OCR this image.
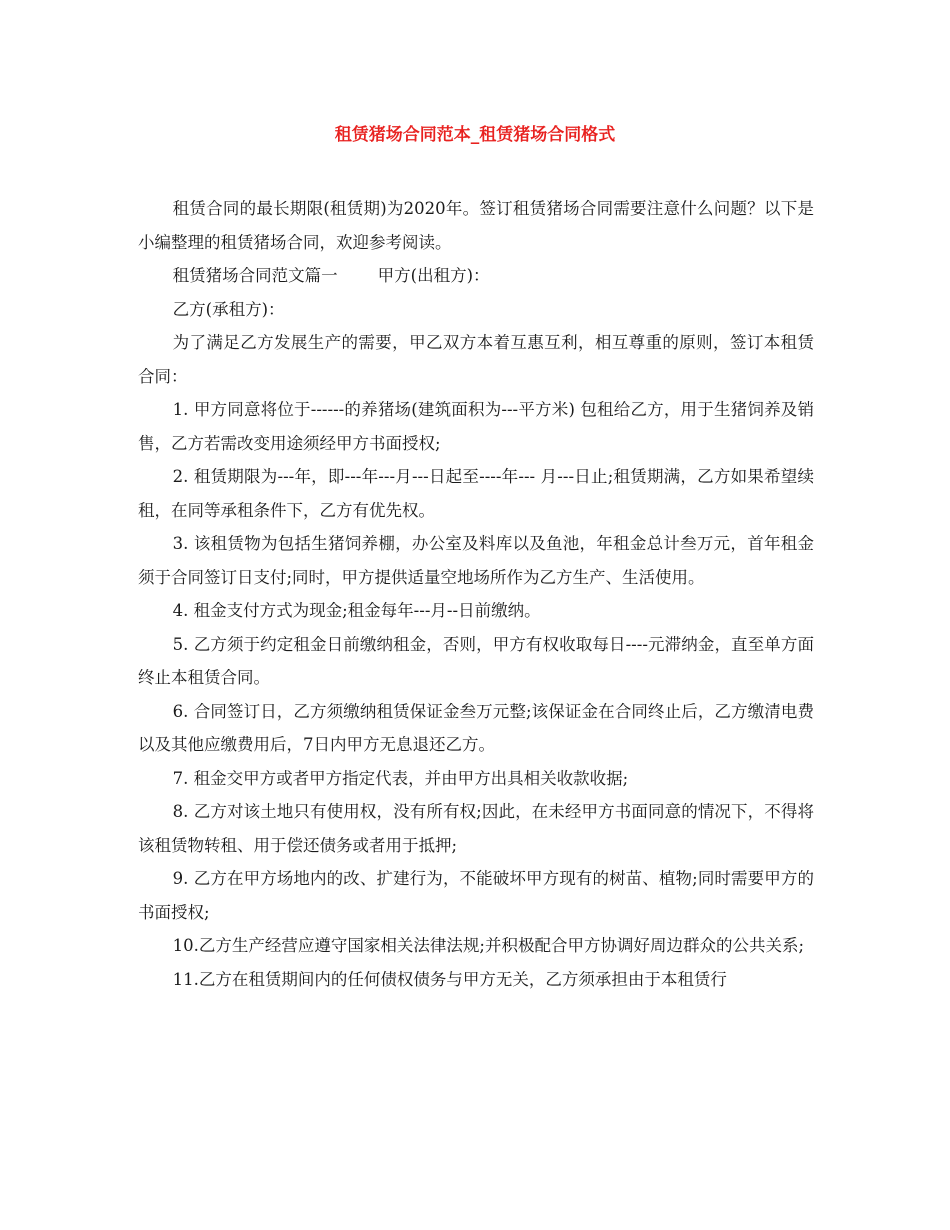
租赁猪场合同范本_租赁猪场合同格式

租赁合同的最长期限(租赁期)为2020年。签订租赁猪场合同需要注意什么问题？以下是小编整理的租赁猪场合同，欢迎参考阅读。

租赁猪场合同范文篇一 甲方(出租方)：

乙方(承租方)：

为了满足乙方发展生产的需要，甲乙双方本着互惠互利，相互尊重的原则，签订本租赁合同：

1. 甲方同意将位于------的养猪场(建筑面积为---平方米) 包租给乙方，用于生猪饲养及销售，乙方若需改变用途须经甲方书面授权;

2. 租赁期限为---年，即---年---月---日起至----年--- 月---日止;租赁期满，乙方如果希望续租，在同等承租条件下，乙方有优先权。

3. 该租赁物为包括生猪饲养棚，办公室及料库以及鱼池，年租金总计叁万元，首年租金须于合同签订日支付;同时，甲方提供适量空地场所作为乙方生产、生活使用。

4. 租金支付方式为现金;租金每年---月--日前缴纳。

5. 乙方须于约定租金日前缴纳租金，否则，甲方有权收取每日----元滞纳金，直至单方面终止本租赁合同。

6. 合同签订日，乙方须缴纳租赁保证金叁万元整;该保证金在合同终止后，乙方缴清电费以及其他应缴费用后，7日内甲方无息退还乙方。

7. 租金交甲方或者甲方指定代表，并由甲方出具相关收款收据;

8. 乙方对该土地只有使用权，没有所有权;因此，在未经甲方书面同意的情况下，不得将该租赁物转租、用于偿还债务或者用于抵押;

9. 乙方在甲方场地内的改、扩建行为，不能破坏甲方现有的树苗、植物;同时需要甲方的书面授权;

10.乙方生产经营应遵守国家相关法律法规;并积极配合甲方协调好周边群众的公共关系;

11.乙方在租赁期间内的任何债权债务与甲方无关，乙方须承担由于本租赁行
